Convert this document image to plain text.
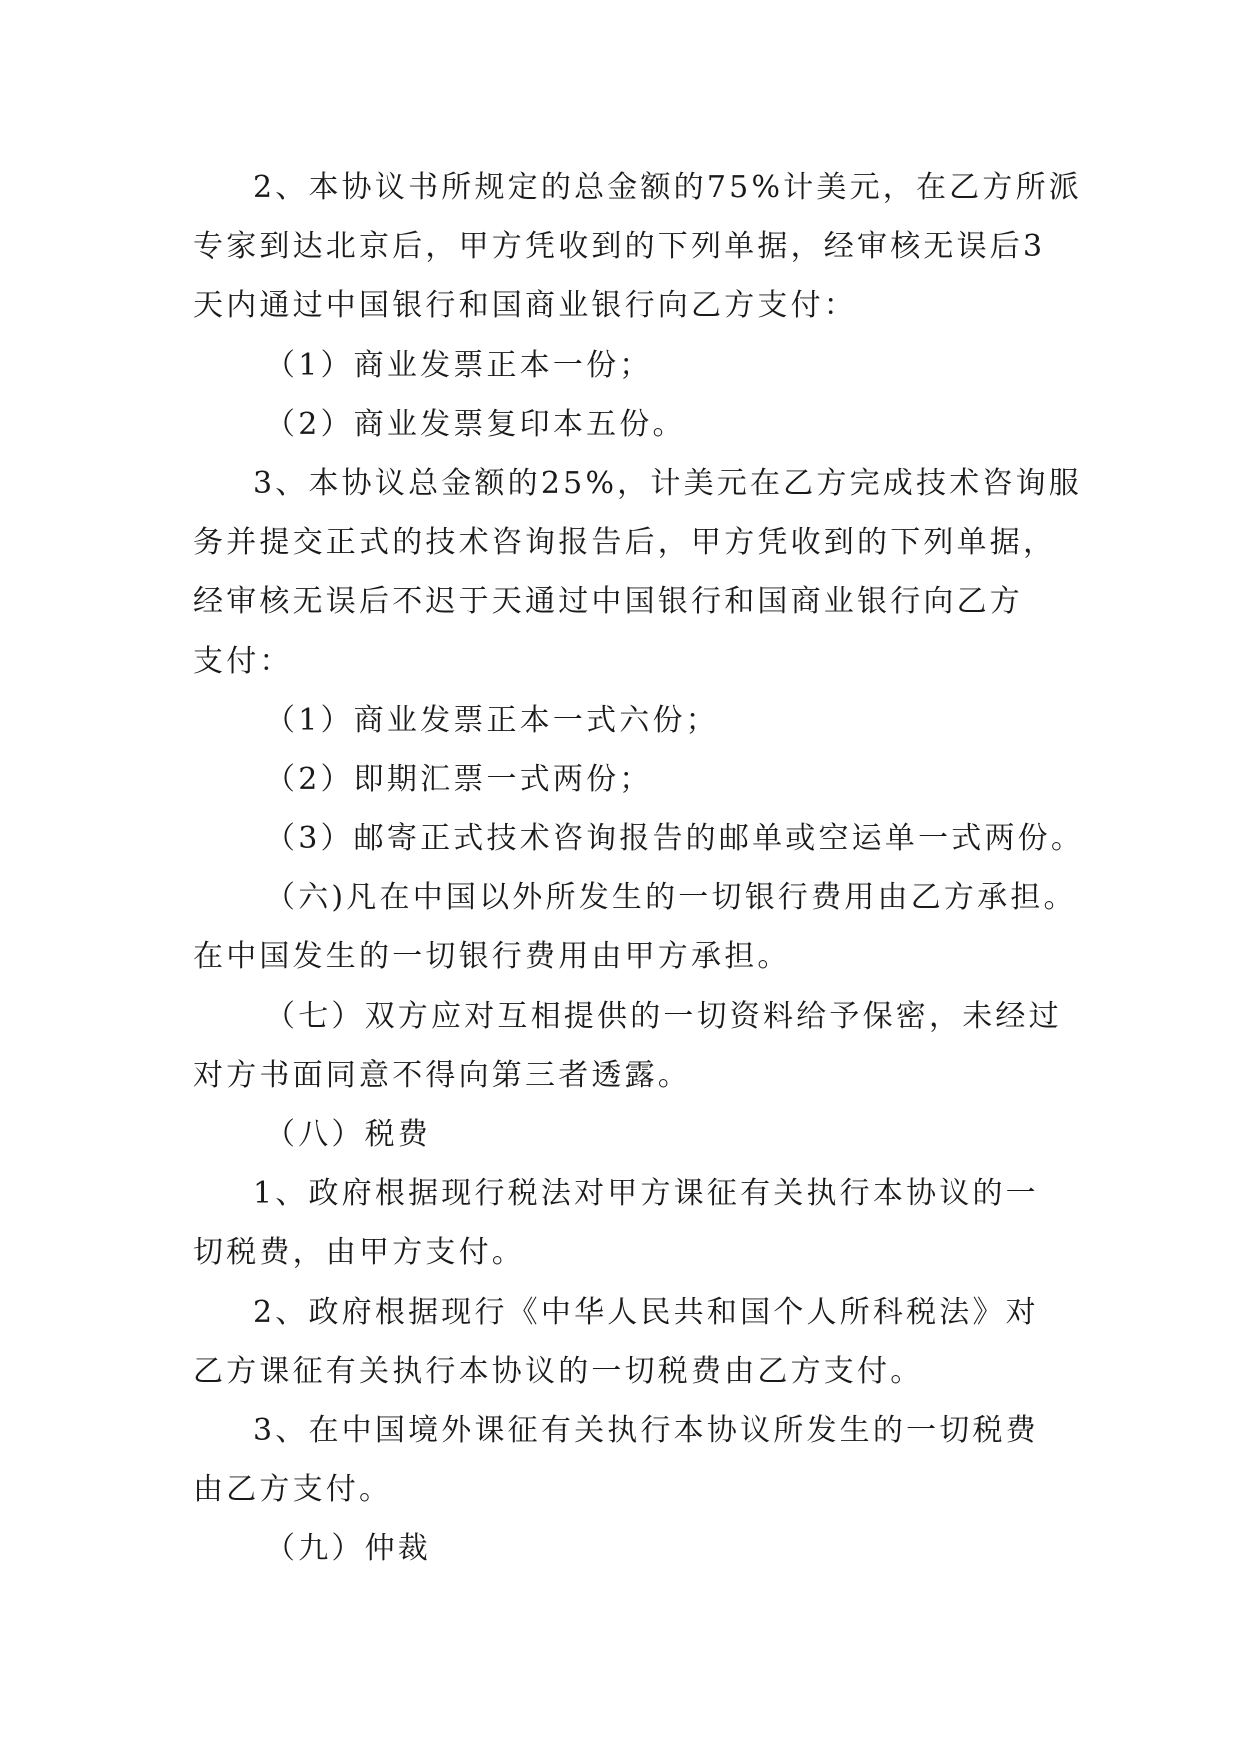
2、本协议书所规定的总金额的75%计美元，在乙方所派
专家到达北京后，甲方凭收到的下列单据，经审核无误后3
天内通过中国银行和国商业银行向乙方支付：
（1）商业发票正本一份；
（2）商业发票复印本五份。
3、本协议总金额的25%，计美元在乙方完成技术咨询服
务并提交正式的技术咨询报告后，甲方凭收到的下列单据，
经审核无误后不迟于天通过中国银行和国商业银行向乙方
支付：
（1）商业发票正本一式六份；
（2）即期汇票一式两份；
（3）邮寄正式技术咨询报告的邮单或空运单一式两份。
（六)凡在中国以外所发生的一切银行费用由乙方承担。
在中国发生的一切银行费用由甲方承担。
（七）双方应对互相提供的一切资料给予保密，未经过
对方书面同意不得向第三者透露。
（八）税费
1、政府根据现行税法对甲方课征有关执行本协议的一
切税费，由甲方支付。
2、政府根据现行《中华人民共和国个人所科税法》对
乙方课征有关执行本协议的一切税费由乙方支付。
3、在中国境外课征有关执行本协议所发生的一切税费
由乙方支付。
（九）仲裁
